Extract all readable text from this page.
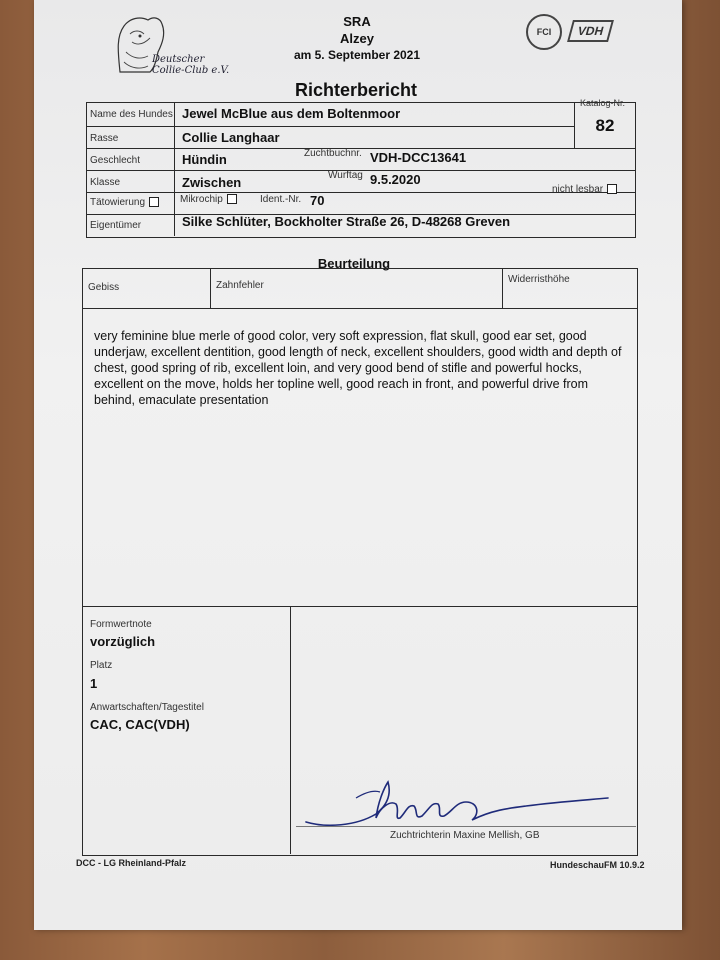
Deutscher Collie-Club e.V.
SRA
Alzey
am 5. September 2021
FCI	VDH
Richterbericht
Name des Hundes Jewel McBlue aus dem Boltenmoor
Katalog-Nr.
82
Rasse	Collie Langhaar
Geschlecht	Hündin	Zuchtbuchnr. VDH-DCC13641
Klasse	Zwischen	Wurftag 9.5.2020
Tätowierung	Mikrochip	Ident.-Nr. 70
nicht lesbar
Eigentümer	Silke Schlüter, Bockholter Straße 26, D-48268 Greven
Beurteilung
Gebiss	Zahnfehler
Widerristhöhe
very feminine blue merle of good color, very soft expression, flat skull, good ear set, good underjaw, excellent dentition, good length of neck, excellent shoulders, good width and depth of chest, good spring of rib, excellent loin, and very good bend of stifle and powerful hocks, excellent on the move, holds her topline well, good reach in front, and powerful drive from behind, emaculate presentation
Formwertnote
vorzüglich
Platz
1
Anwartschaften/Tagestitel
CAC, CAC(VDH)
Zuchtrichterin Maxine Mellish, GB
DCC - LG Rheinland-Pfalz	HundeschauFM 10.9.2
